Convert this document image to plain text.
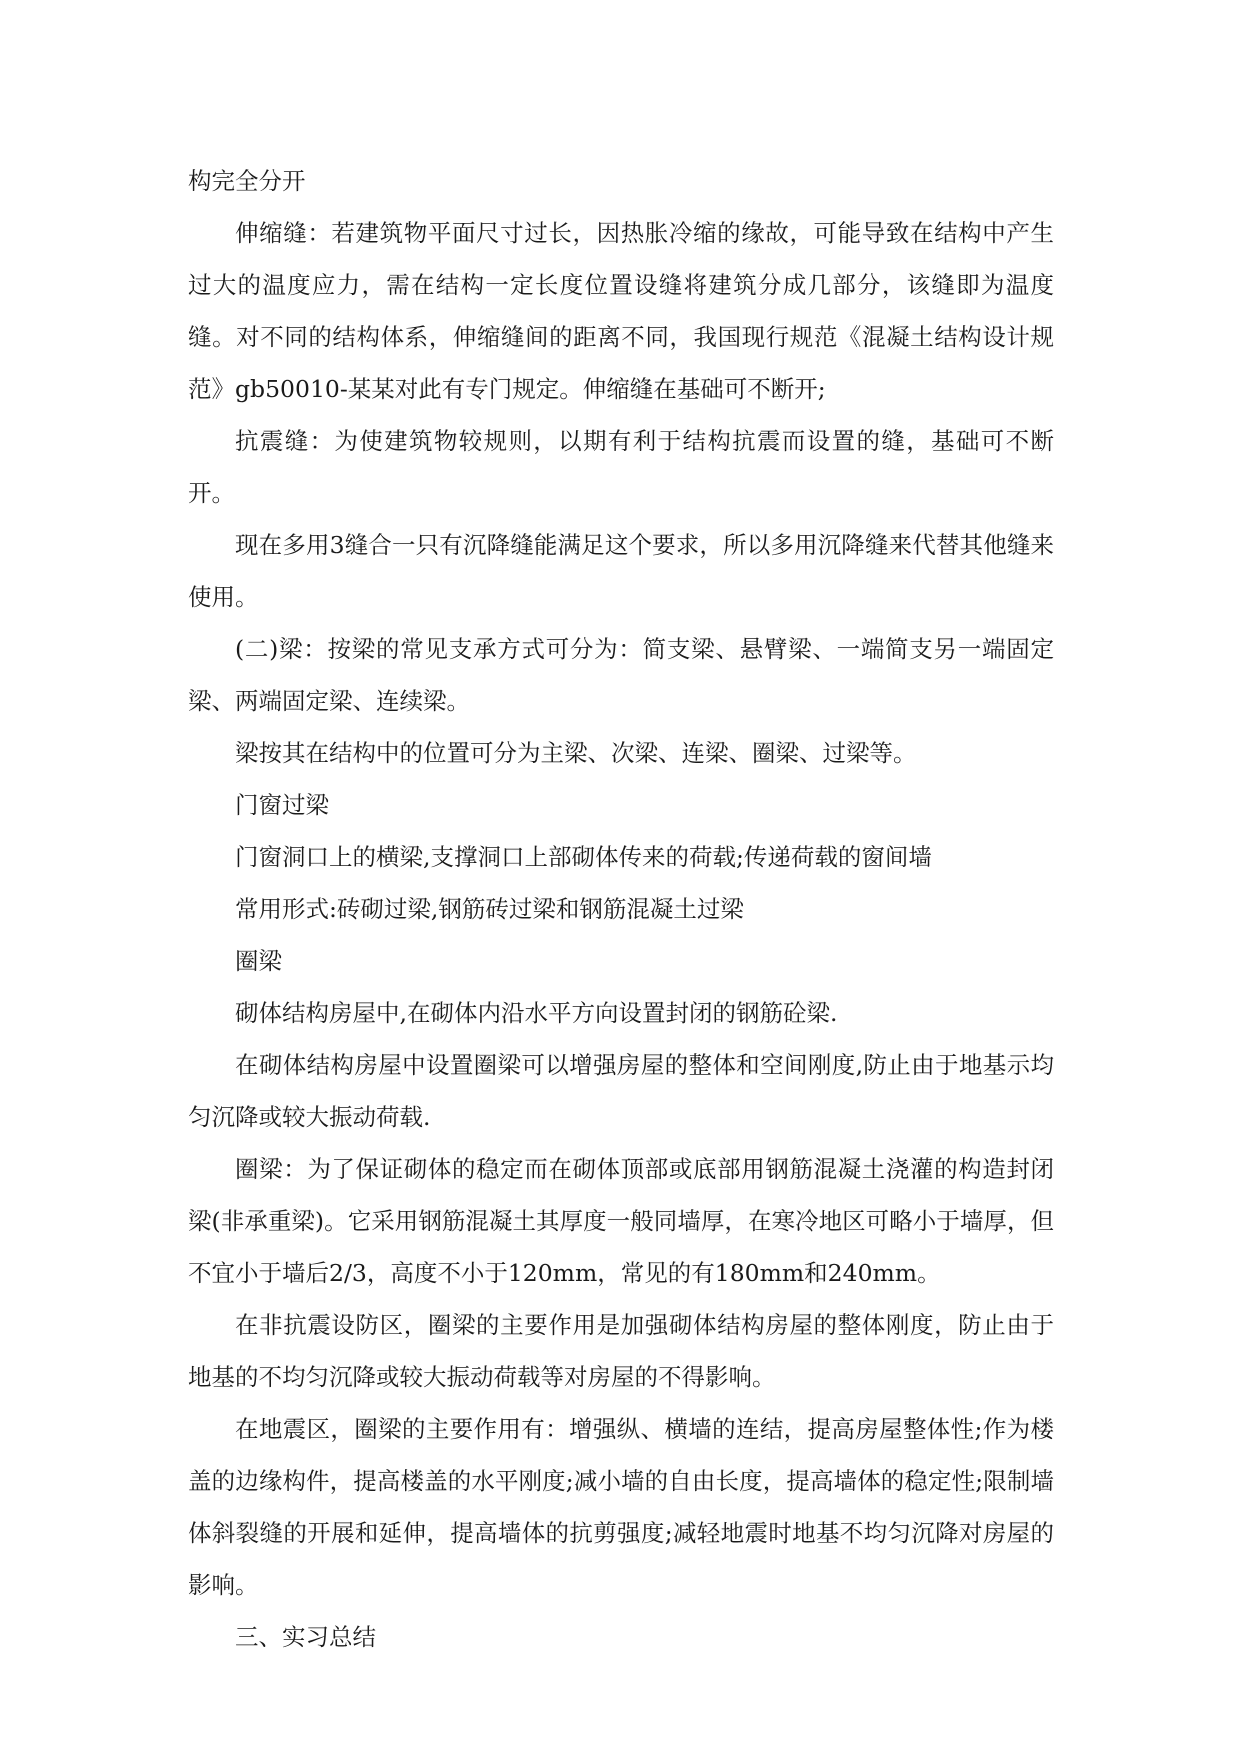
构完全分开

伸缩缝：若建筑物平面尺寸过长，因热胀冷缩的缘故，可能导致在结构中产生过大的温度应力，需在结构一定长度位置设缝将建筑分成几部分，该缝即为温度缝。对不同的结构体系，伸缩缝间的距离不同，我国现行规范《混凝土结构设计规范》gb50010-某某对此有专门规定。伸缩缝在基础可不断开;

抗震缝：为使建筑物较规则，以期有利于结构抗震而设置的缝，基础可不断开。

现在多用3缝合一只有沉降缝能满足这个要求，所以多用沉降缝来代替其他缝来使用。

(二)梁：按梁的常见支承方式可分为：简支梁、悬臂梁、一端简支另一端固定梁、两端固定梁、连续梁。

梁按其在结构中的位置可分为主梁、次梁、连梁、圈梁、过梁等。

门窗过梁

门窗洞口上的横梁,支撑洞口上部砌体传来的荷载;传递荷载的窗间墙

常用形式:砖砌过梁,钢筋砖过梁和钢筋混凝土过梁

圈梁

砌体结构房屋中,在砌体内沿水平方向设置封闭的钢筋砼梁.

在砌体结构房屋中设置圈梁可以增强房屋的整体和空间刚度,防止由于地基示均匀沉降或较大振动荷载.

圈梁：为了保证砌体的稳定而在砌体顶部或底部用钢筋混凝土浇灌的构造封闭梁(非承重梁)。它采用钢筋混凝土其厚度一般同墙厚，在寒冷地区可略小于墙厚，但不宜小于墙后2/3，高度不小于120mm，常见的有180mm和240mm。

在非抗震设防区，圈梁的主要作用是加强砌体结构房屋的整体刚度，防止由于地基的不均匀沉降或较大振动荷载等对房屋的不得影响。

在地震区，圈梁的主要作用有：增强纵、横墙的连结，提高房屋整体性;作为楼盖的边缘构件，提高楼盖的水平刚度;减小墙的自由长度，提高墙体的稳定性;限制墙体斜裂缝的开展和延伸，提高墙体的抗剪强度;减轻地震时地基不均匀沉降对房屋的影响。

三、实习总结
